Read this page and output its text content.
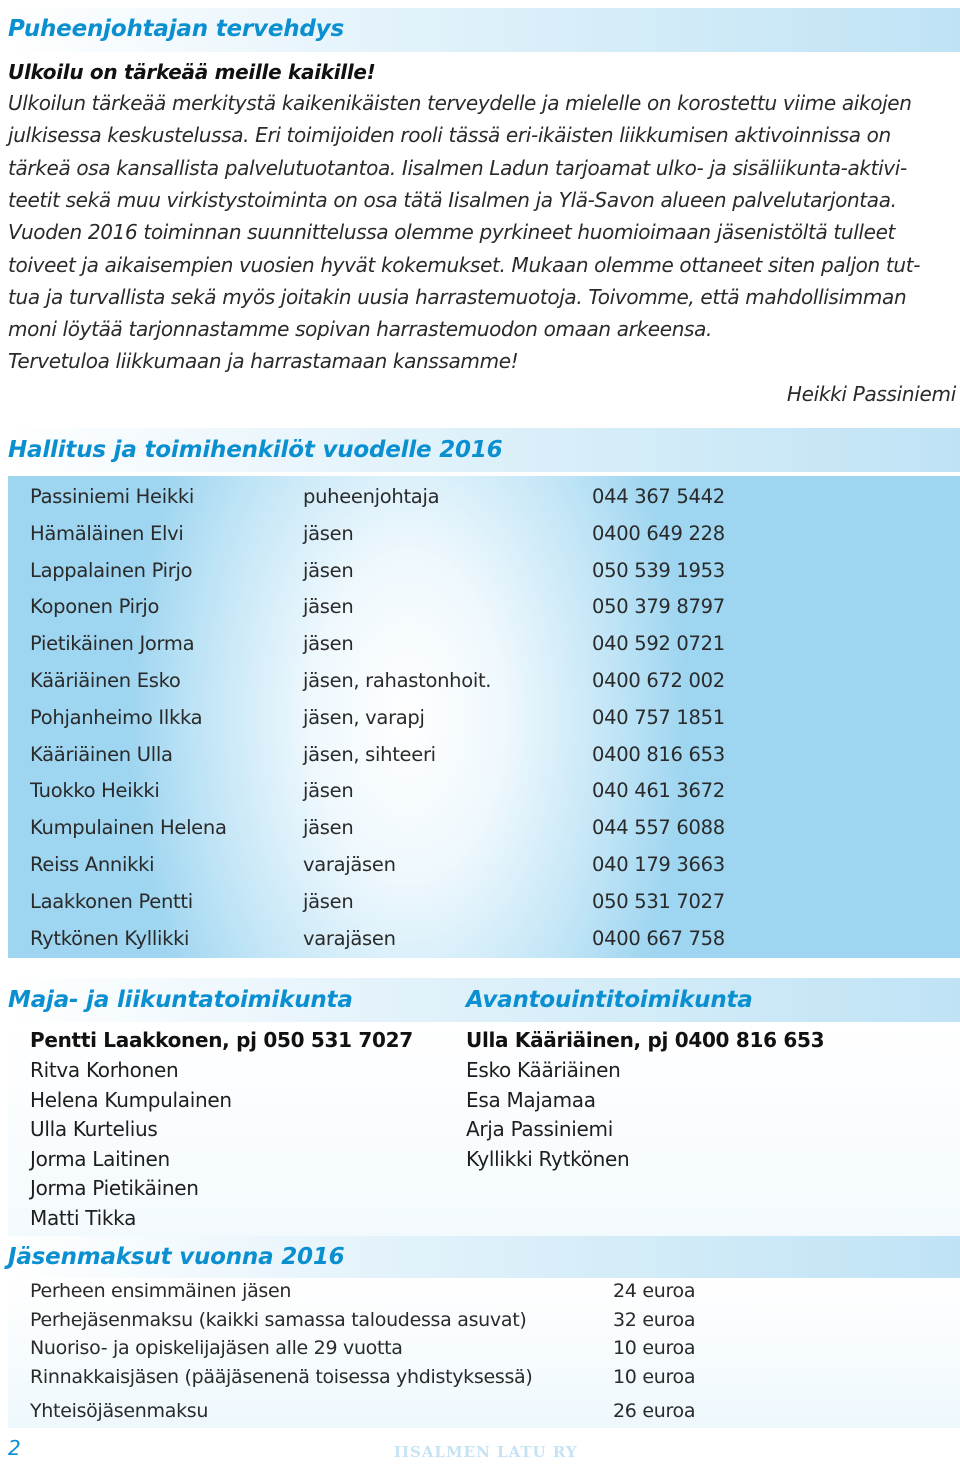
Puheenjohtajan tervehdys
Ulkoilu on tärkeää meille kaikille!
Ulkoilun tärkeää merkitystä kaikenikäisten terveydelle ja mielelle on korostettu viime aikojen
julkisessa keskustelussa. Eri toimijoiden rooli tässä eri-ikäisten liikkumisen aktivoinnissa on
tärkeä osa kansallista palvelutuotantoa. Iisalmen Ladun tarjoamat ulko- ja sisäliikunta-aktivi-
teetit sekä muu virkistystoiminta on osa tätä Iisalmen ja Ylä-Savon alueen palvelutarjontaa.
Vuoden 2016 toiminnan suunnittelussa olemme pyrkineet huomioimaan jäsenistöltä tulleet
toiveet ja aikaisempien vuosien hyvät kokemukset. Mukaan olemme ottaneet siten paljon tut-
tua ja turvallista sekä myös joitakin uusia harrastemuotoja. Toivomme, että mahdollisimman
moni löytää tarjonnastamme sopivan harrastemuodon omaan arkeensa.
Tervetuloa liikkumaan ja harrastamaan kanssamme!
Heikki Passiniemi
Hallitus ja toimihenkilöt vuodelle 2016
Passiniemi Heikki	puheenjohtaja	044 367 5442
Hämäläinen Elvi	jäsen	0400 649 228
Lappalainen Pirjo	jäsen	050 539 1953
Koponen Pirjo	jäsen	050 379 8797
Pietikäinen Jorma	jäsen	040 592 0721
Kääriäinen Esko	jäsen, rahastonhoit.	0400 672 002
Pohjanheimo Ilkka	jäsen, varapj	040 757 1851
Kääriäinen Ulla	jäsen, sihteeri	0400 816 653
Tuokko Heikki	jäsen	040 461 3672
Kumpulainen Helena	jäsen	044 557 6088
Reiss Annikki	varajäsen	040 179 3663
Laakkonen Pentti	jäsen	050 531 7027
Rytkönen Kyllikki	varajäsen	0400 667 758
Maja- ja liikuntatoimikunta	Avantouintitoimikunta
Pentti Laakkonen, pj 050 531 7027
Ritva Korhonen
Helena Kumpulainen
Ulla Kurtelius
Jorma Laitinen
Jorma Pietikäinen
Matti Tikka
Ulla Kääriäinen, pj 0400 816 653
Esko Kääriäinen
Esa Majamaa
Arja Passiniemi
Kyllikki Rytkönen
Jäsenmaksut vuonna 2016
Perheen ensimmäinen jäsen	24 euroa
Perhejäsenmaksu (kaikki samassa taloudessa asuvat)	32 euroa
Nuoriso- ja opiskelijajäsen alle 29 vuotta	10 euroa
Rinnakkaisjäsen (pääjäsenenä toisessa yhdistyksessä)	10 euroa
Yhteisöjäsenmaksu	26 euroa
2	IISALMEN LATU RY
